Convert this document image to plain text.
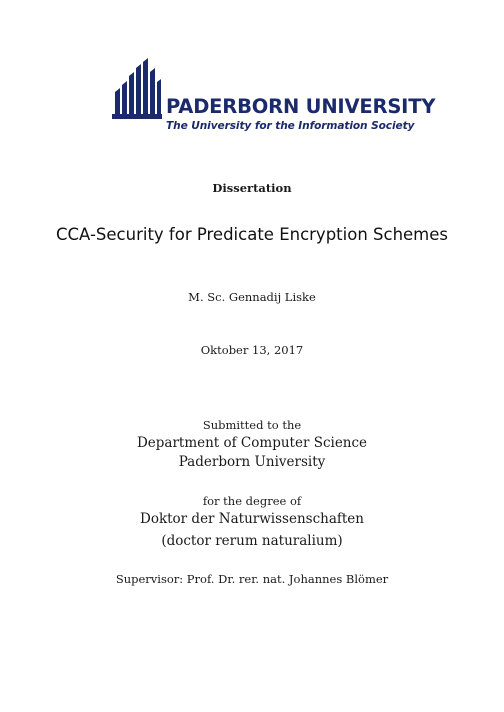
PADERBORN UNIVERSITY
The University for the Information Society
Dissertation
CCA-Security for Predicate Encryption Schemes
M. Sc. Gennadij Liske
Oktober 13, 2017
Submitted to the
Department of Computer Science
Paderborn University
for the degree of
Doktor der Naturwissenschaften
(doctor rerum naturalium)
Supervisor: Prof. Dr. rer. nat. Johannes Blömer
